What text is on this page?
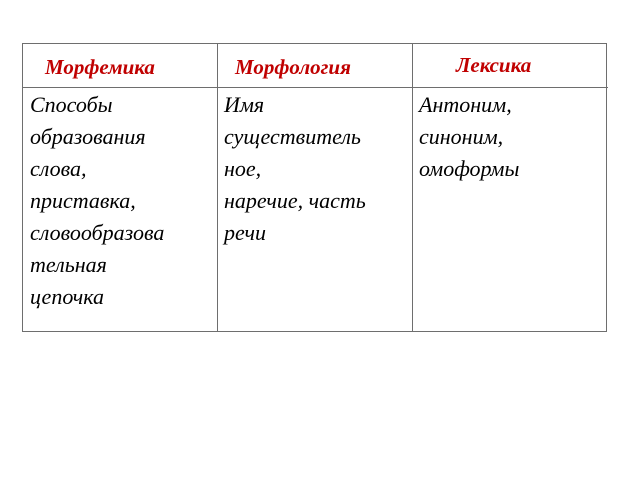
Морфемика	Морфология	Лексика
Способы
образования
слова,
приставка,
словообразова
тельная
цепочка
Имя
существитель
ное,
наречие, часть
речи
Антоним,
синоним,
омоформы
